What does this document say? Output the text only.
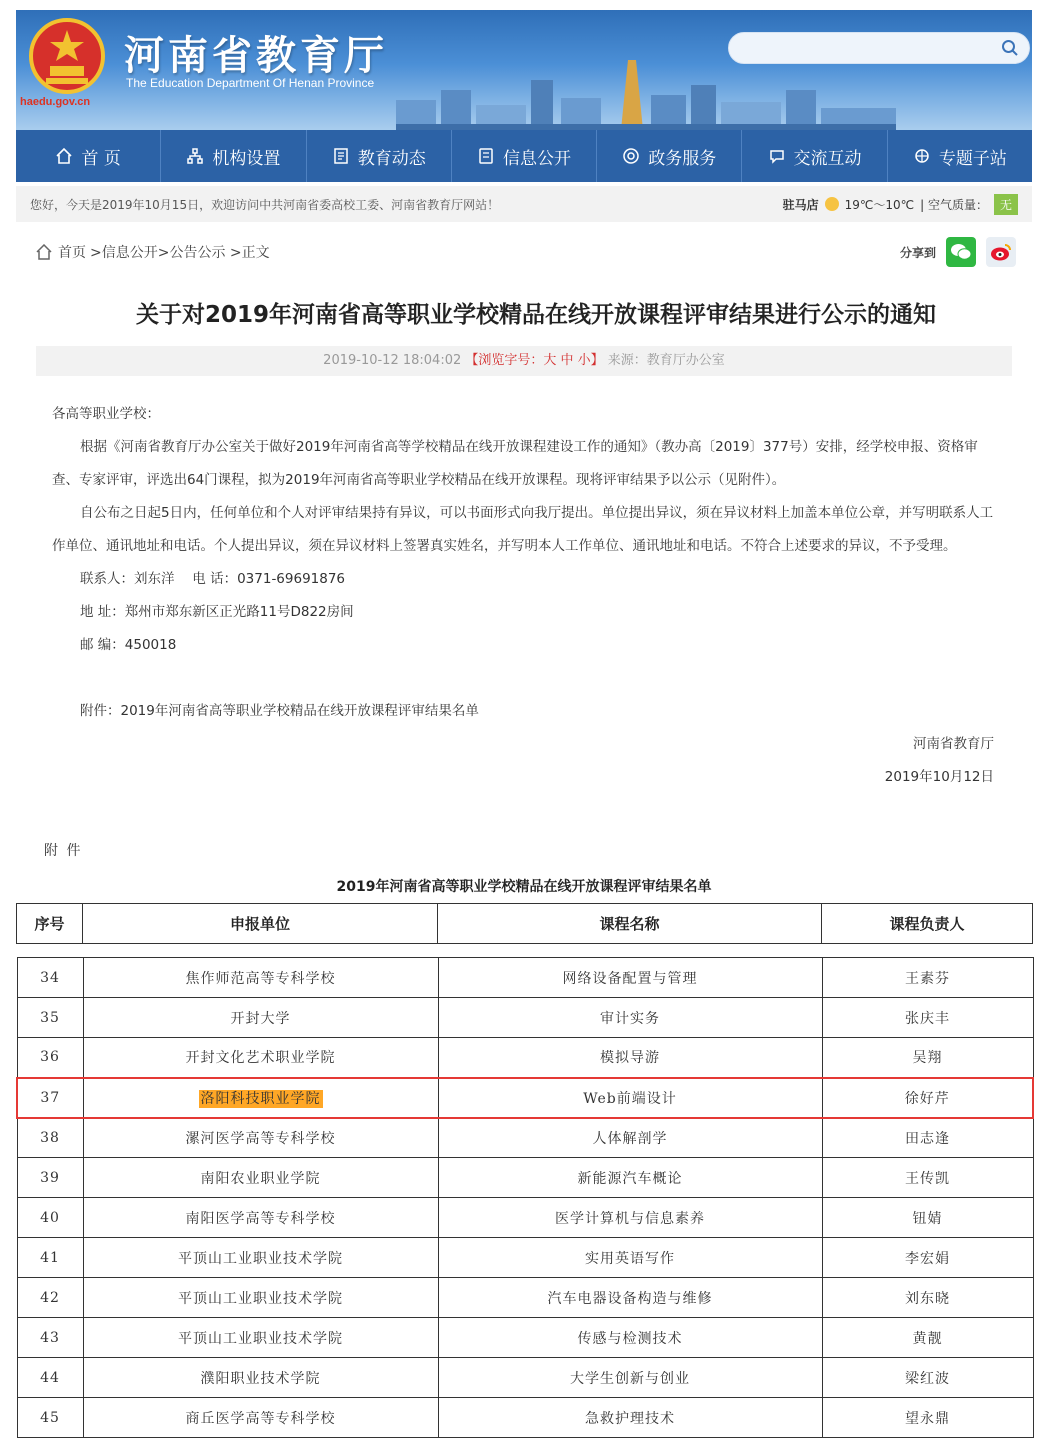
haedu.gov.cn
河南省教育厅
The Education Department Of Henan Province
首 页	机构设置	教育动态	信息公开	政务服务	交流互动	专题子站
您好，今天是2019年10月15日，欢迎访问中共河南省委高校工委、河南省教育厅网站！	驻马店 19℃～10℃ | 空气质量：	无
首页 >信息公开>公告公示 >正文	分享到
关于对2019年河南省高等职业学校精品在线开放课程评审结果进行公示的通知
2019-10-12 18:04:02 【浏览字号：大 中 小】 来源：教育厅办公室

各高等职业学校：

根据《河南省教育厅办公室关于做好2019年河南省高等学校精品在线开放课程建设工作的通知》（教办高〔2019〕377号）安排，经学校申报、资格审查、专家评审，评选出64门课程，拟为2019年河南省高等职业学校精品在线开放课程。现将评审结果予以公示（见附件）。

自公布之日起5日内，任何单位和个人对评审结果持有异议，可以书面形式向我厅提出。单位提出异议，须在异议材料上加盖本单位公章，并写明联系人工作单位、通讯地址和电话。个人提出异议，须在异议材料上签署真实姓名，并写明本人工作单位、通讯地址和电话。不符合上述要求的异议，不予受理。

联系人：刘东洋　 电 话：0371-69691876

地 址：郑州市郑东新区正光路11号D822房间

邮 编：450018

附件：2019年河南省高等职业学校精品在线开放课程评审结果名单

河南省教育厅

2019年10月12日

附 件
2019年河南省高等职业学校精品在线开放课程评审结果名单
序号	申报单位	课程名称	课程负责人
34	焦作师范高等专科学校	网络设备配置与管理	王素芬
35	开封大学	审计实务	张庆丰
36	开封文化艺术职业学院	模拟导游	吴翔
37	洛阳科技职业学院	Web前端设计	徐好芹
38	漯河医学高等专科学校	人体解剖学	田志逢
39	南阳农业职业学院	新能源汽车概论	王传凯
40	南阳医学高等专科学校	医学计算机与信息素养	钮婧
41	平顶山工业职业技术学院	实用英语写作	李宏娟
42	平顶山工业职业技术学院	汽车电器设备构造与维修	刘东晓
43	平顶山工业职业技术学院	传感与检测技术	黄靓
44	濮阳职业技术学院	大学生创新与创业	梁红波
45	商丘医学高等专科学校	急救护理技术	望永鼎
